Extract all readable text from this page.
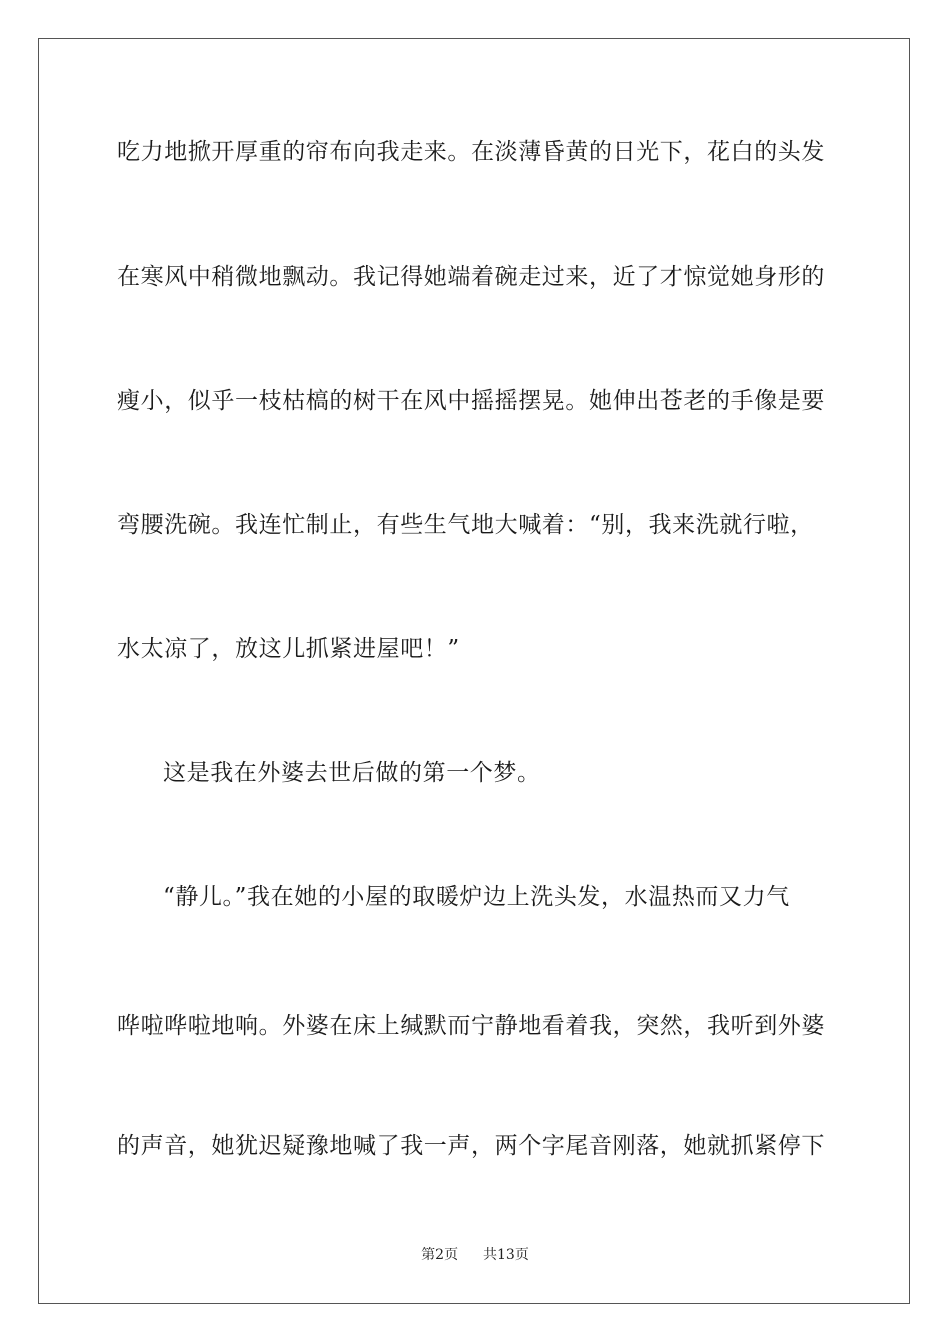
吃力地掀开厚重的帘布向我走来。在淡薄昏黄的日光下，花白的头发
在寒风中稍微地飘动。我记得她端着碗走过来，近了才惊觉她身形的
瘦小，似乎一枝枯槁的树干在风中摇摇摆晃。她伸出苍老的手像是要
弯腰洗碗。我连忙制止，有些生气地大喊着：“别，我来洗就行啦，
水太凉了，放这儿抓紧进屋吧！”
这是我在外婆去世后做的第一个梦。
“静儿。”我在她的小屋的取暖炉边上洗头发，水温热而又力气
哗啦哗啦地响。外婆在床上缄默而宁静地看着我，突然，我听到外婆
的声音，她犹迟疑豫地喊了我一声，两个字尾音刚落，她就抓紧停下
第2页 共13页
